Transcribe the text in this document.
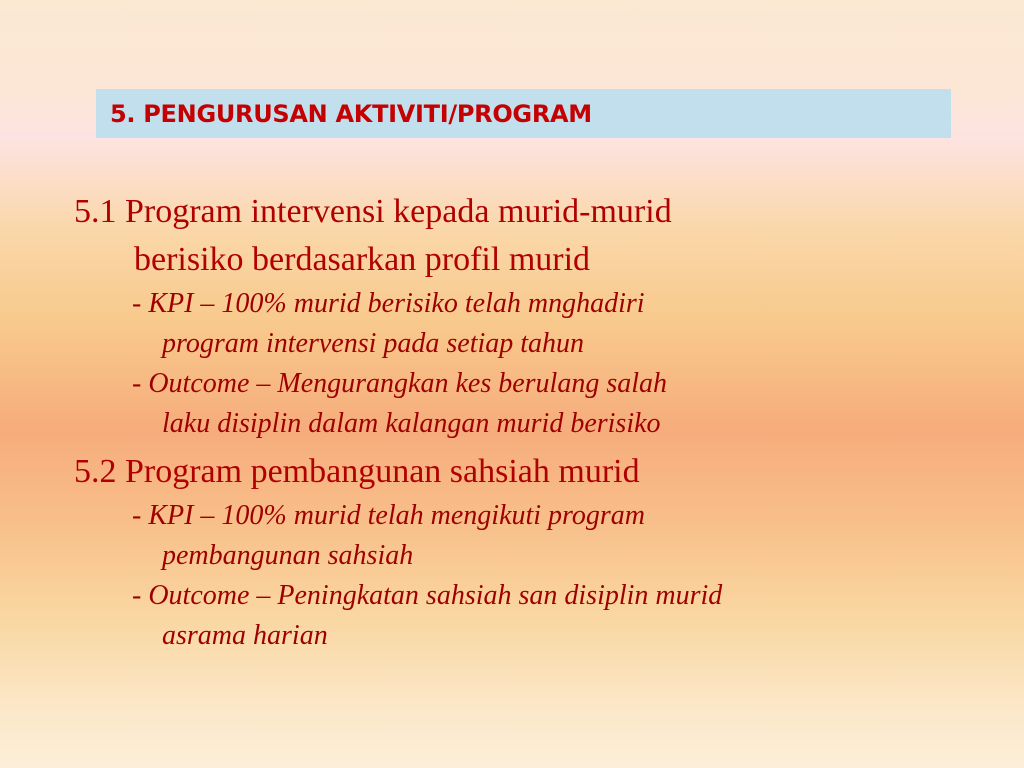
5. PENGURUSAN AKTIVITI/PROGRAM
5.1 Program intervensi kepada murid-murid
berisiko berdasarkan profil murid
- KPI – 100% murid berisiko telah mnghadiri
program intervensi pada setiap tahun
- Outcome – Mengurangkan kes berulang salah
laku disiplin dalam kalangan murid berisiko
5.2 Program pembangunan sahsiah murid
- KPI – 100% murid telah mengikuti program
pembangunan sahsiah
- Outcome – Peningkatan sahsiah san disiplin murid
asrama harian
